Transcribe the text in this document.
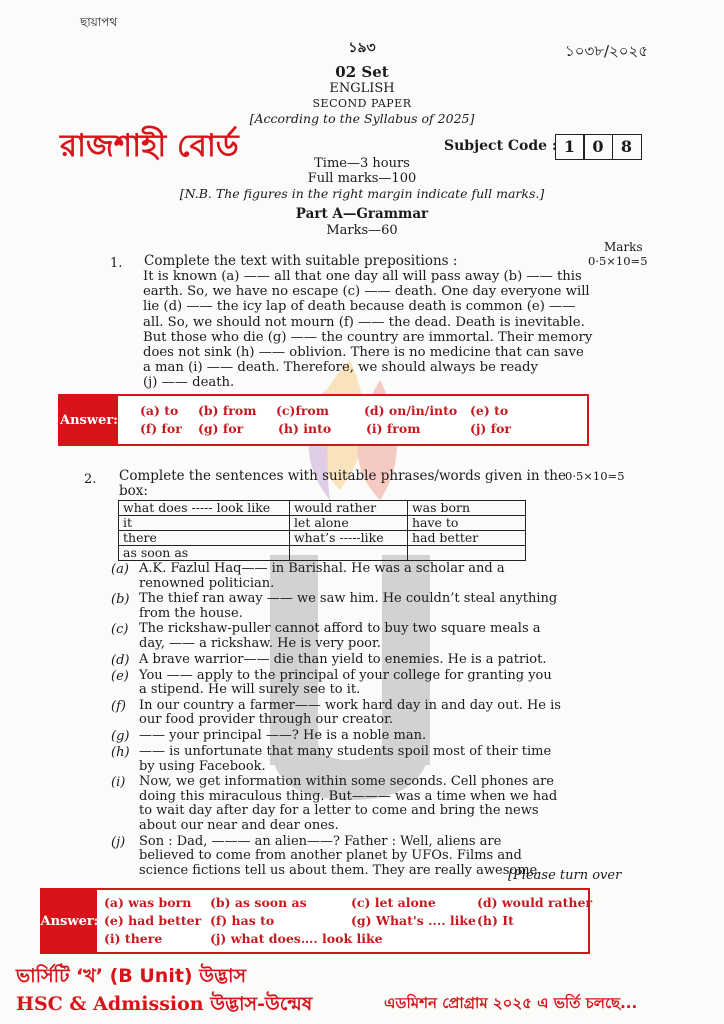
ছায়াপথ
১৯৩	১০৩৮/২০২৫
02 Set
ENGLISH
SECOND PAPER
[According to the Syllabus of 2025]
রাজশাহী বোর্ড	Subject Code : 1	0	8
Time—3 hours
Full marks—100
[N.B. The figures in the right margin indicate full marks.]
Part A—Grammar
Marks—60
Marks
1. Complete the text with suitable prepositions :	0·5×10=5
It is known (a) —— all that one day all will pass away (b) —— this
earth. So, we have no escape (c) —— death. One day everyone will
lie (d) —— the icy lap of death because death is common (e) ——
all. So, we should not mourn (f) —— the dead. Death is inevitable.
But those who die (g) —— the country are immortal. Their memory
does not sink (h) —— oblivion. There is no medicine that can save
a man (i) —— death. Therefore, we should always be ready
(j) —— death.
Answer:
(a) to (b) from (c)from	(d) on/in/into (e) to
(f) for (g) for	(h) into	(i) from	(j) for
2. Complete the sentences with suitable phrases/words given in the
box:
0·5×10=5
what does ----- look like	would rather	was born
it	let alone	have to
there	what’s -----like	had better
as soon as		
(a) A.K. Fazlul Haq—— in Barishal. He was a scholar and a
renowned politician.
(b) The thief ran away —— we saw him. He couldn’t steal anything
from the house.
(c) The rickshaw-puller cannot afford to buy two square meals a
day, —— a rickshaw. He is very poor.
(d) A brave warrior—— die than yield to enemies. He is a patriot.
(e) You —— apply to the principal of your college for granting you
a stipend. He will surely see to it.
(f)	In our country a farmer—— work hard day in and day out. He is
our food provider through our creator.
(g) —— your principal ——? He is a noble man.
(h) —— is unfortunate that many students spoil most of their time
by using Facebook.
(i)	Now, we get information within some seconds. Cell phones are
doing this miraculous thing. But——— was a time when we had
to wait day after day for a letter to come and bring the news
about our near and dear ones.
(j)	Son : Dad, ——— an alien——? Father : Well, aliens are
believed to come from another planet by UFOs. Films and
science fictions tell us about them. They are really awesome.
[Please turn over
Answer:
(a) was born (b) as soon as	(c) let alone	(d) would rather
(e) had better (f) has to	(g) What's .... like (h) It
(i) there	(j) what does…. look like
ভার্সিটি ‘খ’ (B Unit) উদ্ভাস
HSC & Admission উদ্ভাস-উন্মেষ	এডমিশন প্রোগ্রাম ২০২৫ এ ভর্তি চলছে...
